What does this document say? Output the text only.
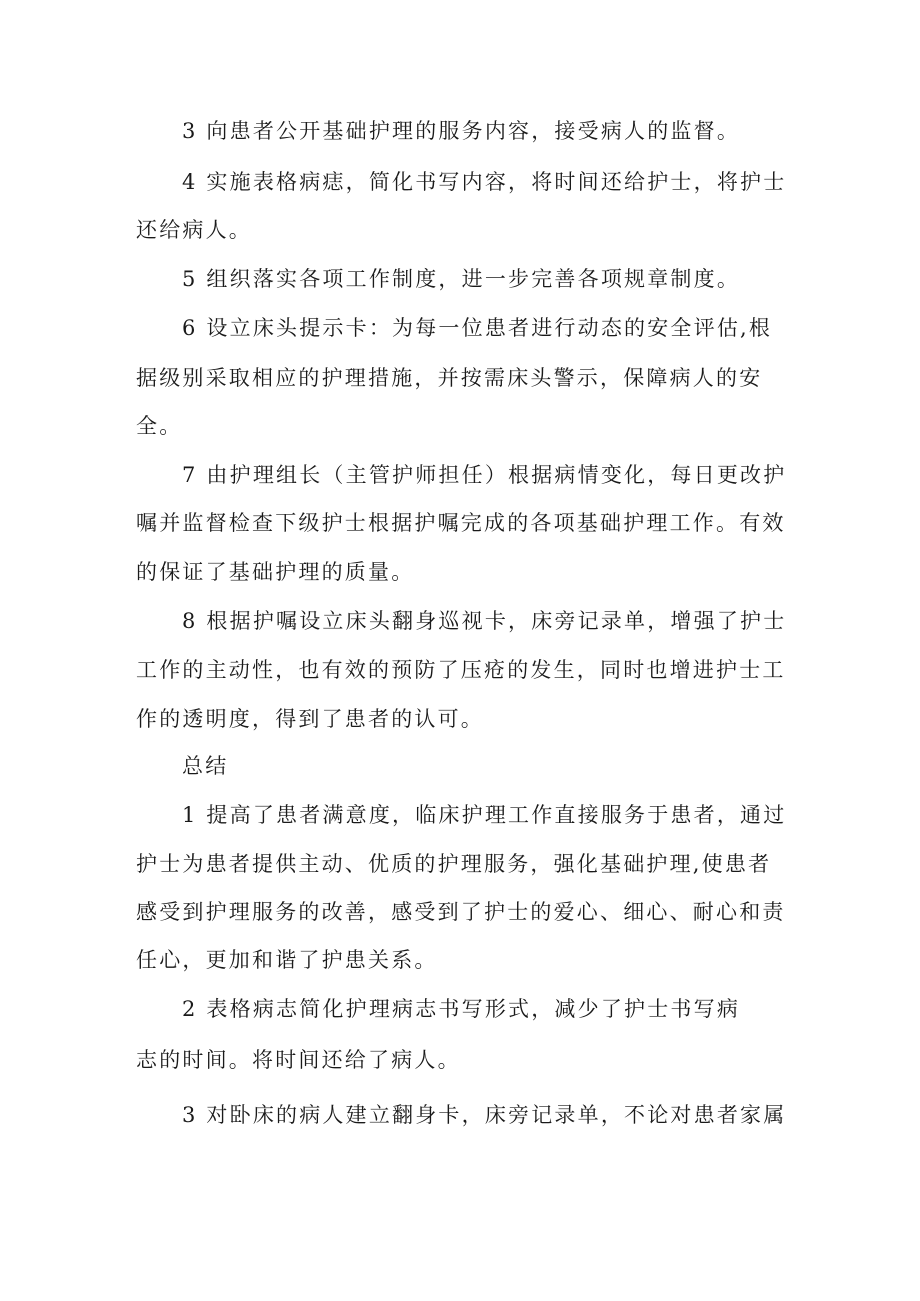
3 向患者公开基础护理的服务内容，接受病人的监督。
4 实施表格病痣，简化书写内容，将时间还给护士，将护士
还给病人。
5 组织落实各项工作制度，进一步完善各项规章制度。
6 设立床头提示卡：为每一位患者进行动态的安全评估,根
据级别采取相应的护理措施，并按需床头警示，保障病人的安
全。
7 由护理组长（主管护师担任）根据病情变化，每日更改护
嘱并监督检查下级护士根据护嘱完成的各项基础护理工作。有效
的保证了基础护理的质量。
8 根据护嘱设立床头翻身巡视卡，床旁记录单，增强了护士
工作的主动性，也有效的预防了压疮的发生，同时也增进护士工
作的透明度，得到了患者的认可。
总结
1 提高了患者满意度，临床护理工作直接服务于患者，通过
护士为患者提供主动、优质的护理服务，强化基础护理,使患者
感受到护理服务的改善，感受到了护士的爱心、细心、耐心和责
任心，更加和谐了护患关系。
2 表格病志简化护理病志书写形式，减少了护士书写病
志的时间。将时间还给了病人。
3 对卧床的病人建立翻身卡，床旁记录单，不论对患者家属
